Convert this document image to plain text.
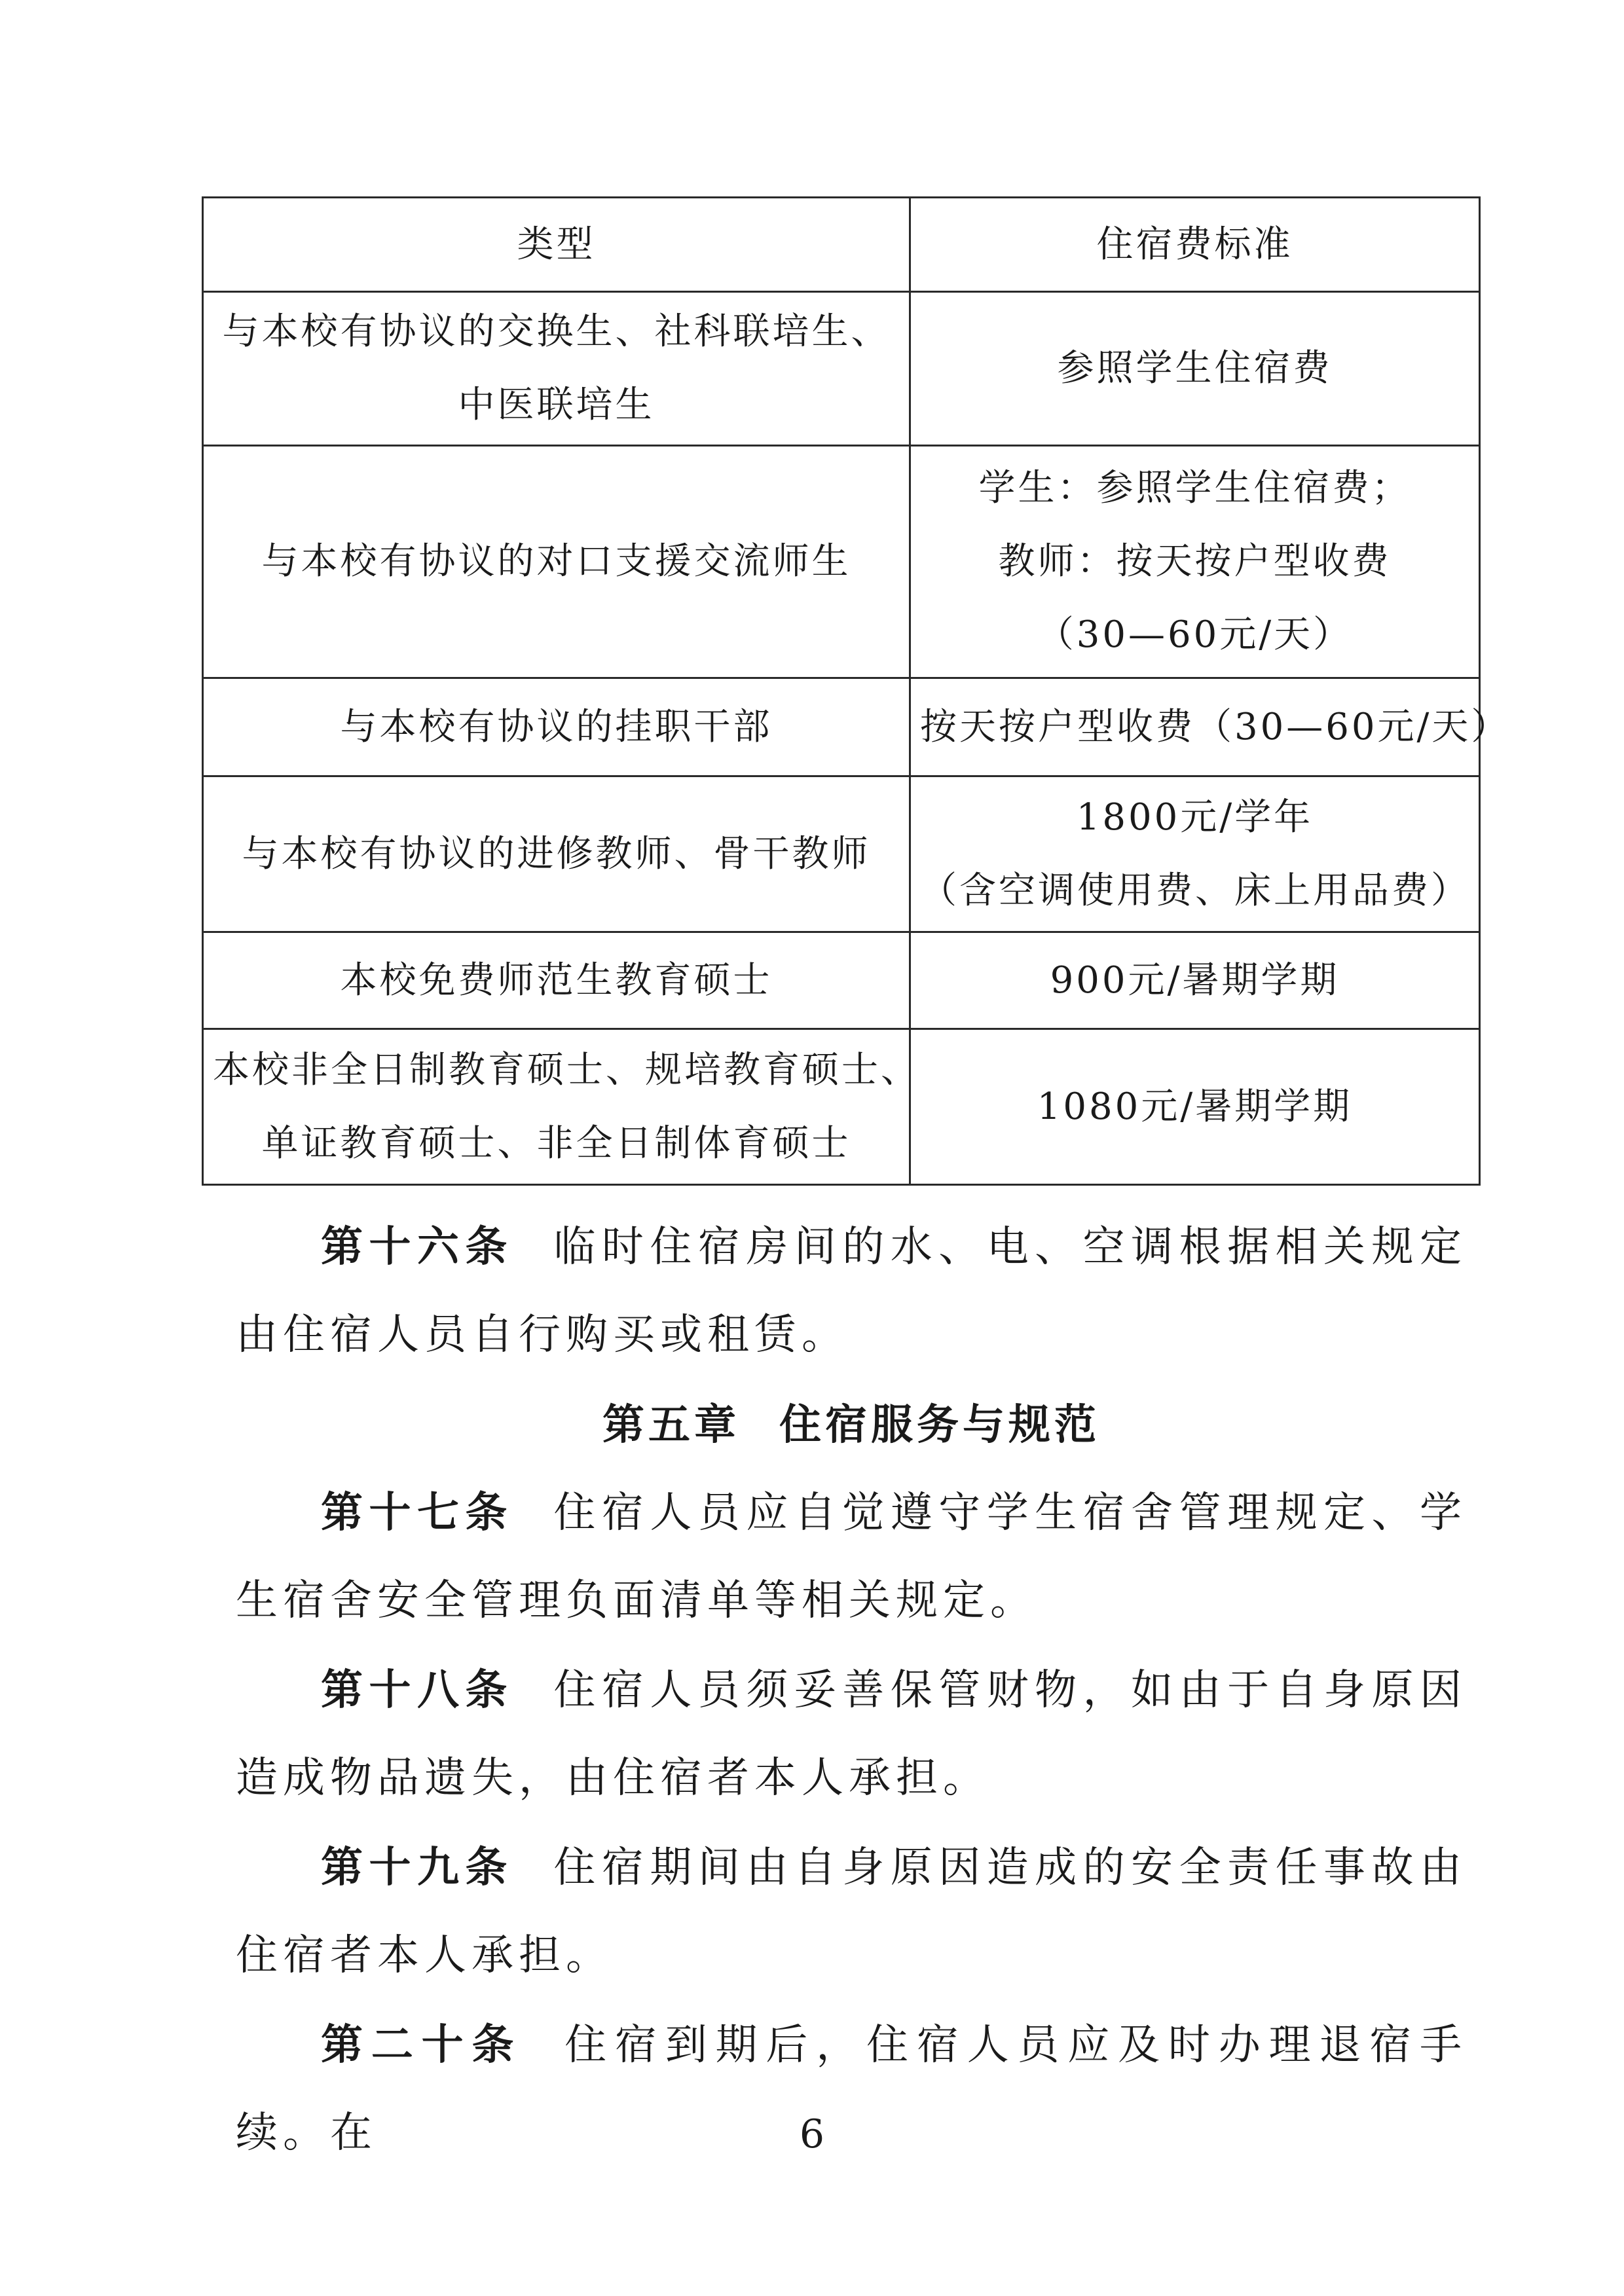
类型	住宿费标准

与本校有协议的交换生、社科联培生、
中医联培生	参照学生住宿费

与本校有协议的对口支援交流师生	学生：参照学生住宿费；
教师：按天按户型收费
（30—60元/天）

与本校有协议的挂职干部	按天按户型收费（30—60元/天）

与本校有协议的进修教师、骨干教师	1800元/学年
（含空调使用费、床上用品费）

本校免费师范生教育硕士	900元/暑期学期

本校非全日制教育硕士、规培教育硕士、
单证教育硕士、非全日制体育硕士	1080元/暑期学期

第十六条 临时住宿房间的水、电、空调根据相关规定由住宿人员自行购买或租赁。

第五章 住宿服务与规范

第十七条 住宿人员应自觉遵守学生宿舍管理规定、学生宿舍安全管理负面清单等相关规定。

第十八条 住宿人员须妥善保管财物，如由于自身原因造成物品遗失，由住宿者本人承担。

第十九条 住宿期间由自身原因造成的安全责任事故由住宿者本人承担。

第二十条 住宿到期后，住宿人员应及时办理退宿手续。在	6
